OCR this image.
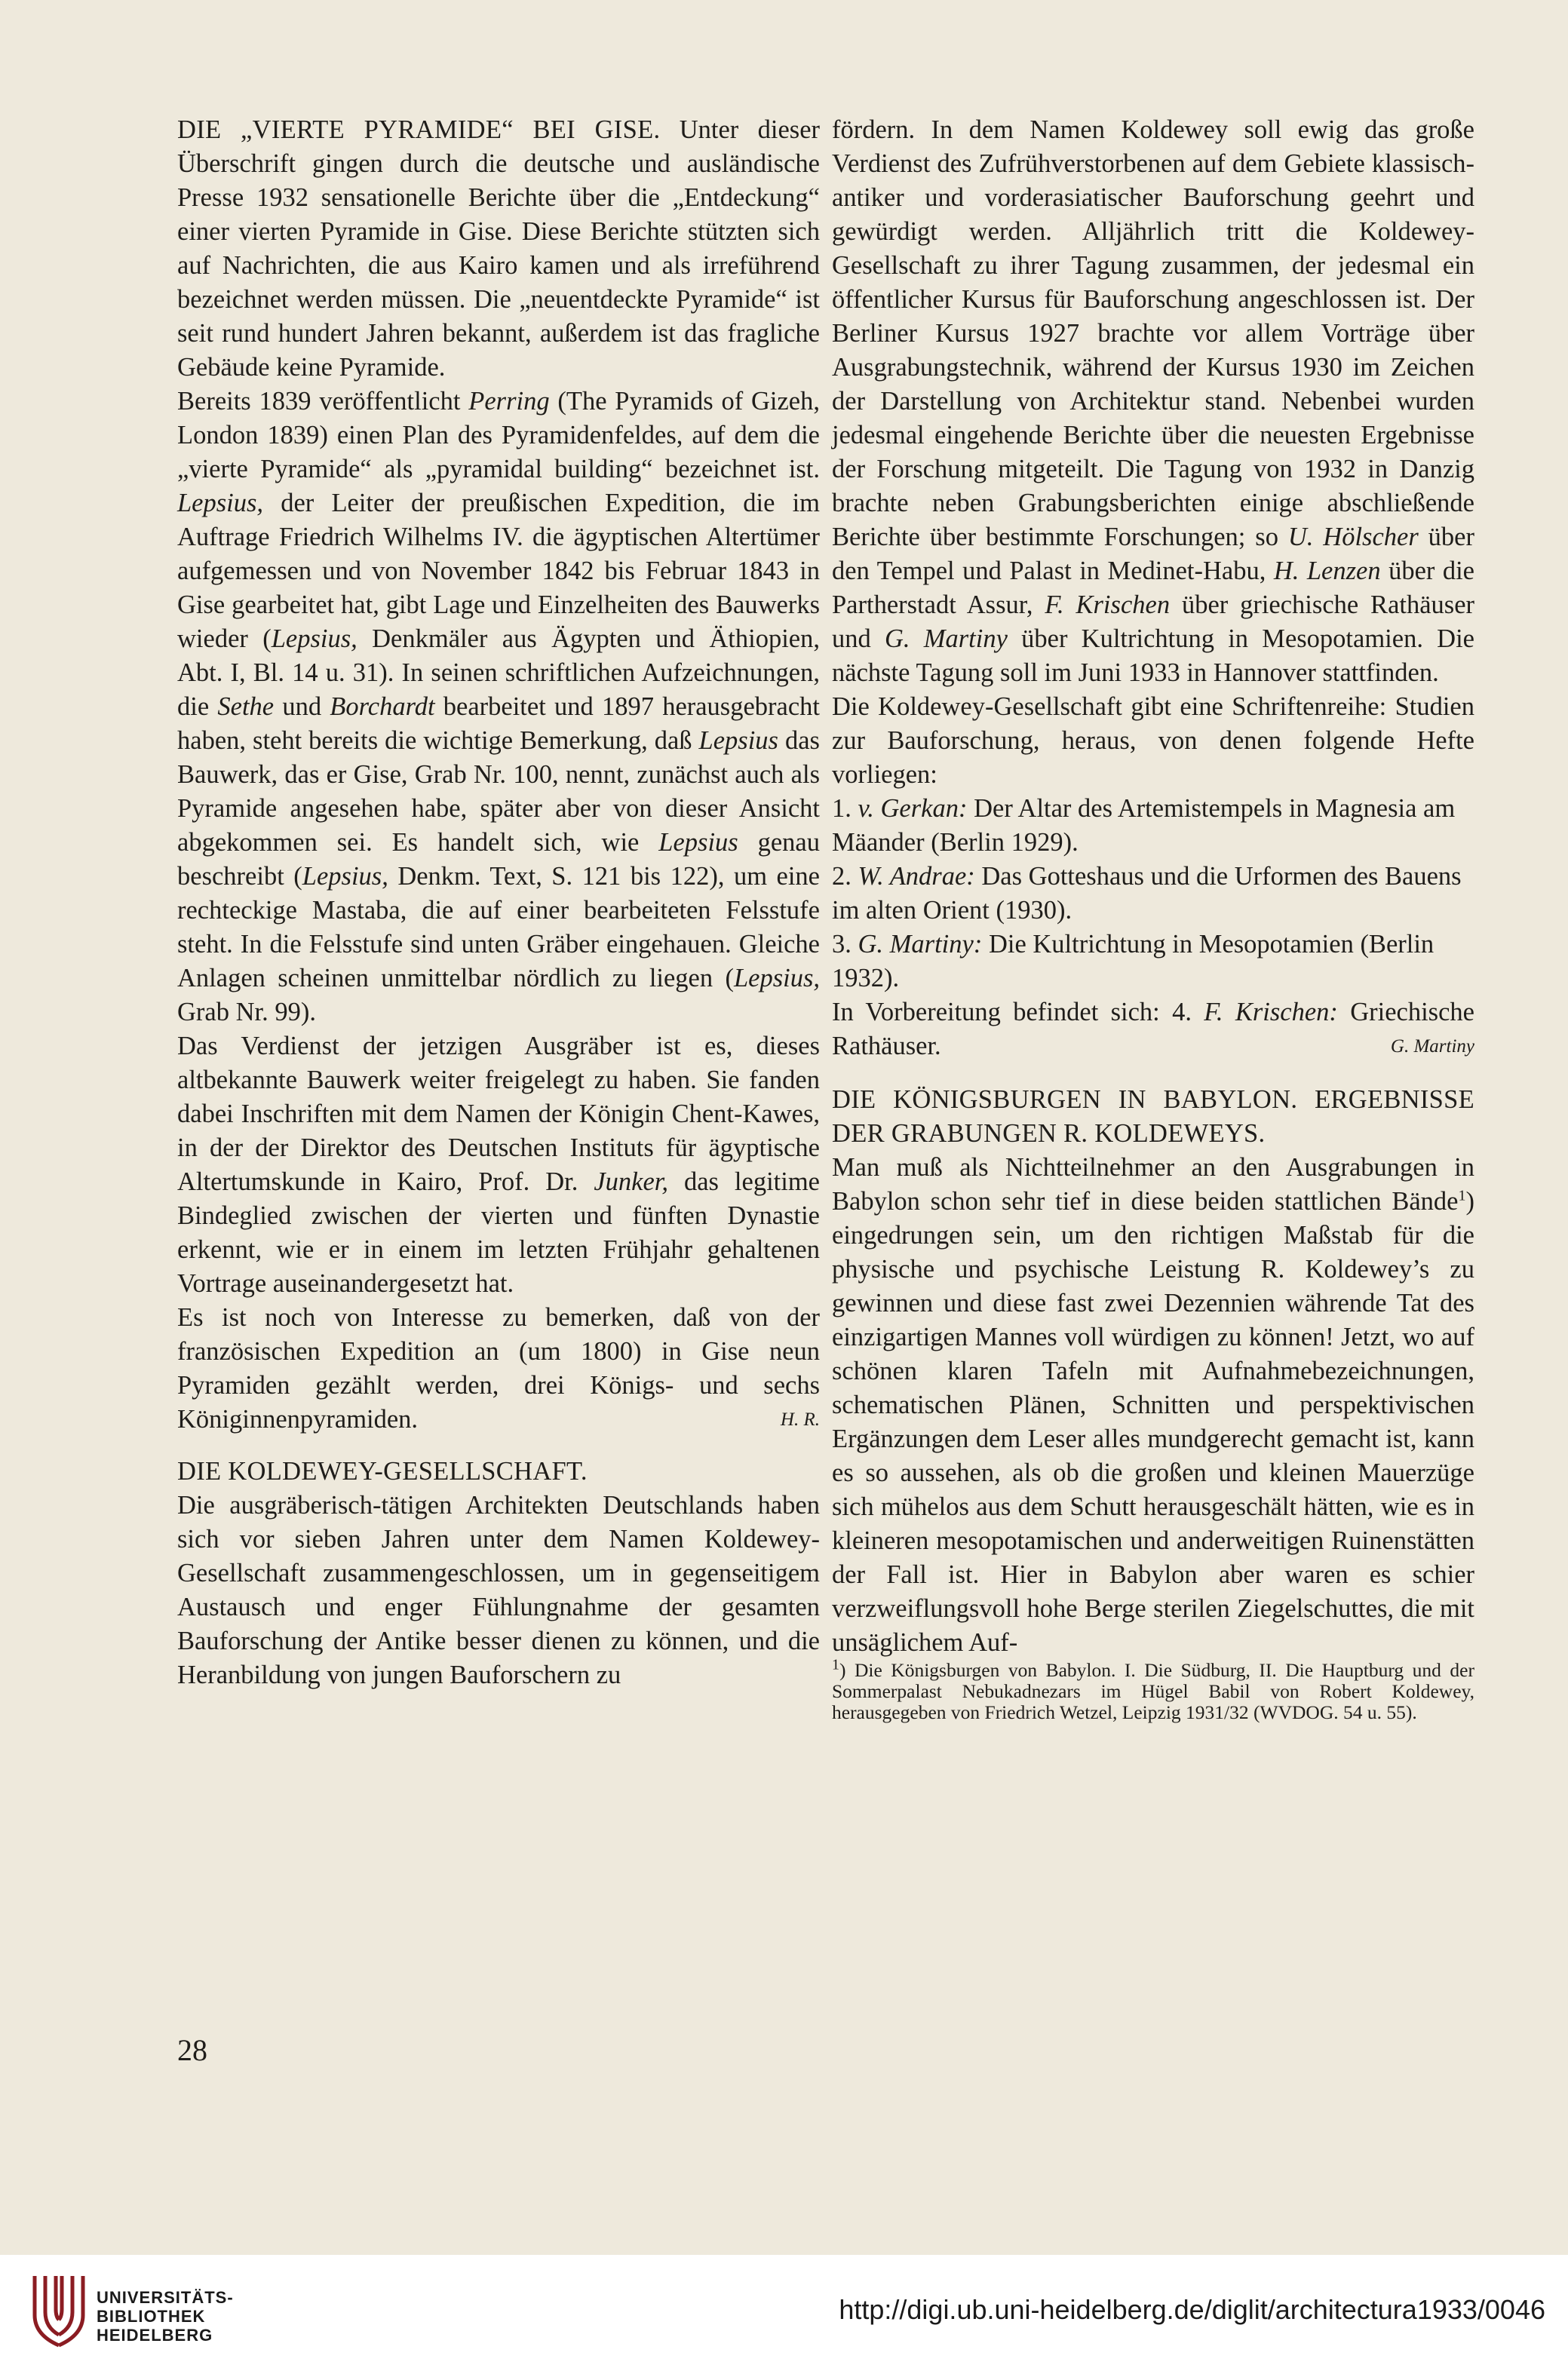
DIE „VIERTE PYRAMIDE“ BEI GISE. Unter dieser Überschrift gingen durch die deutsche und ausländische Presse 1932 sensationelle Berichte über die „Entdeckung“ einer vierten Pyramide in Gise. Diese Berichte stützten sich auf Nachrichten, die aus Kairo kamen und als irreführend bezeichnet werden müssen. Die „neuentdeckte Pyramide“ ist seit rund hundert Jahren bekannt, außerdem ist das fragliche Gebäude keine Pyramide.

Bereits 1839 veröffentlicht Perring (The Pyramids of Gizeh, London 1839) einen Plan des Pyramidenfeldes, auf dem die „vierte Pyramide“ als „pyramidal building“ bezeichnet ist. Lepsius, der Leiter der preußischen Expedition, die im Auftrage Friedrich Wilhelms IV. die ägyptischen Altertümer aufgemessen und von November 1842 bis Februar 1843 in Gise gearbeitet hat, gibt Lage und Einzelheiten des Bauwerks wieder (Lepsius, Denkmäler aus Ägypten und Äthiopien, Abt. I, Bl. 14 u. 31). In seinen schriftlichen Aufzeichnungen, die Sethe und Borchardt bearbeitet und 1897 herausgebracht haben, steht bereits die wichtige Bemerkung, daß Lepsius das Bauwerk, das er Gise, Grab Nr. 100, nennt, zunächst auch als Pyramide angesehen habe, später aber von dieser Ansicht abgekommen sei. Es handelt sich, wie Lepsius genau beschreibt (Lepsius, Denkm. Text, S. 121 bis 122), um eine rechteckige Mastaba, die auf einer bearbeiteten Felsstufe steht. In die Felsstufe sind unten Gräber eingehauen. Gleiche Anlagen scheinen unmittelbar nördlich zu liegen (Lepsius, Grab Nr. 99).

Das Verdienst der jetzigen Ausgräber ist es, dieses altbekannte Bauwerk weiter freigelegt zu haben. Sie fanden dabei Inschriften mit dem Namen der Königin Chent-Kawes, in der der Direktor des Deutschen Instituts für ägyptische Altertumskunde in Kairo, Prof. Dr. Junker, das legitime Bindeglied zwischen der vierten und fünften Dynastie erkennt, wie er in einem im letzten Frühjahr gehaltenen Vortrage auseinandergesetzt hat.

Es ist noch von Interesse zu bemerken, daß von der französischen Expedition an (um 1800) in Gise neun Pyramiden gezählt werden, drei Königs- und sechs Königinnenpyramiden.	H. R.

DIE KOLDEWEY-GESELLSCHAFT.

Die ausgräberisch-tätigen Architekten Deutschlands haben sich vor sieben Jahren unter dem Namen Koldewey-Gesellschaft zusammengeschlossen, um in gegenseitigem Austausch und enger Fühlungnahme der gesamten Bauforschung der Antike besser dienen zu können, und die Heranbildung von jungen Bauforschern zu

fördern. In dem Namen Koldewey soll ewig das große Verdienst des Zufrühverstorbenen auf dem Gebiete klassisch-antiker und vorderasiatischer Bauforschung geehrt und gewürdigt werden. Alljährlich tritt die Koldewey-Gesellschaft zu ihrer Tagung zusammen, der jedesmal ein öffentlicher Kursus für Bauforschung angeschlossen ist. Der Berliner Kursus 1927 brachte vor allem Vorträge über Ausgrabungstechnik, während der Kursus 1930 im Zeichen der Darstellung von Architektur stand. Nebenbei wurden jedesmal eingehende Berichte über die neuesten Ergebnisse der Forschung mitgeteilt. Die Tagung von 1932 in Danzig brachte neben Grabungsberichten einige abschließende Berichte über bestimmte Forschungen; so U. Hölscher über den Tempel und Palast in Medinet-Habu, H. Lenzen über die Partherstadt Assur, F. Krischen über griechische Rathäuser und G. Martiny über Kultrichtung in Mesopotamien. Die nächste Tagung soll im Juni 1933 in Hannover stattfinden.

Die Koldewey-Gesellschaft gibt eine Schriftenreihe: Studien zur Bauforschung, heraus, von denen folgende Hefte vorliegen:

1. v. Gerkan: Der Altar des Artemistempels in Magnesia am Mäander (Berlin 1929).

2. W. Andrae: Das Gotteshaus und die Urformen des Bauens im alten Orient (1930).

3. G. Martiny: Die Kultrichtung in Mesopotamien (Berlin 1932).

In Vorbereitung befindet sich: 4. F. Krischen: Griechische Rathäuser.	G. Martiny

DIE KÖNIGSBURGEN IN BABYLON. ERGEBNISSE DER GRABUNGEN R. KOLDEWEYS.

Man muß als Nichtteilnehmer an den Ausgrabungen in Babylon schon sehr tief in diese beiden stattlichen Bände$^1$) eingedrungen sein, um den richtigen Maßstab für die physische und psychische Leistung R. Koldewey’s zu gewinnen und diese fast zwei Dezennien währende Tat des einzigartigen Mannes voll würdigen zu können! Jetzt, wo auf schönen klaren Tafeln mit Aufnahmebezeichnungen, schematischen Plänen, Schnitten und perspektivischen Ergänzungen dem Leser alles mundgerecht gemacht ist, kann es so aussehen, als ob die großen und kleinen Mauerzüge sich mühelos aus dem Schutt herausgeschält hätten, wie es in kleineren mesopotamischen und anderweitigen Ruinenstätten der Fall ist. Hier in Babylon aber waren es schier verzweiflungsvoll hohe Berge sterilen Ziegelschuttes, die mit unsäglichem Auf-

$^1$) Die Königsburgen von Babylon. I. Die Südburg, II. Die Hauptburg und der Sommerpalast Nebukadnezars im Hügel Babil von Robert Koldewey, herausgegeben von Friedrich Wetzel, Leipzig 1931/32 (WVDOG. 54 u. 55).

28
UNIVERSITÄTS-
BIBLIOTHEK
HEIDELBERG
http://digi.ub.uni-heidelberg.de/diglit/architectura1933/0046
